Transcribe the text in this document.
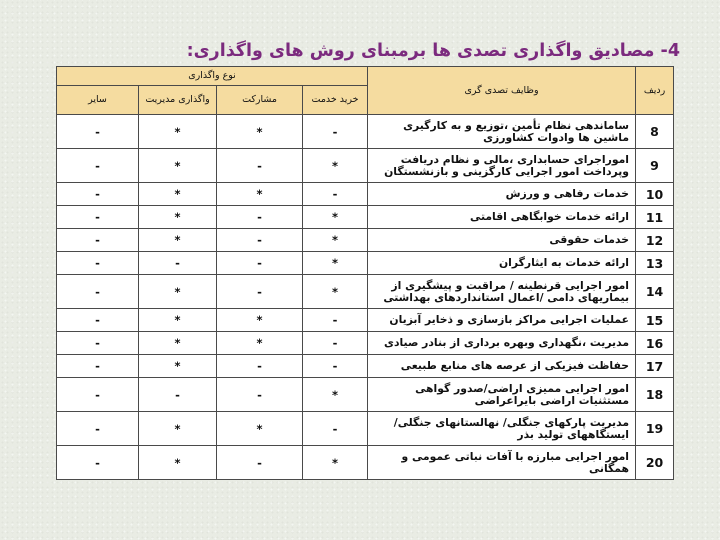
4- مصادیق واگذاری تصدی ها برمبنای روش های واگذاری:
ردیف	وظایف تصدی گری	نوع واگذاری			
		خرید خدمت	مشارکت	واگذاری مدیریت	سایر
8	ساماندهی نظام تأمین ،توزیع و به کارگیری ماشین ها وادوات کشاورزی	-	*	*	-
9	اموراجرای حسابداری ،مالی و نظام دریافت وپرداخت امور اجرایی کارگزینی و بازنشستگان	*	-	*	-
10	خدمات رفاهی و ورزش	-	*	*	-
11	ارائه خدمات خوابگاهی اقامتی	*	-	*	-
12	خدمات حقوقی	*	-	*	-
13	ارائه خدمات به ایثارگران	*	-	-	-
14	امور اجرایی قرنطینه / مراقبت و پیشگیری از بیماریهای دامی /اعمال استانداردهای بهداشتی	*	-	*	-
15	عملیات اجرایی مراکز بازسازی و ذخایر آبزیان	-	*	*	-
16	مدیریت ،نگهداری وبهره برداری از بنادر صیادی	-	*	*	-
17	حفاظت فیزیکی از عرصه های منابع طبیعی	-	-	*	-
18	امور اجرایی ممیزی اراضی/صدور گواهی مستثنیات اراضی بایراعراضی	*	-	-	-
19	مدیریت پارکهای جنگلی/ نهالستانهای جنگلی/ ایستگاههای تولید بذر	-	*	*	-
20	امور اجرایی مبارزه با آفات نباتی عمومی و همگانی	*	-	*	-
